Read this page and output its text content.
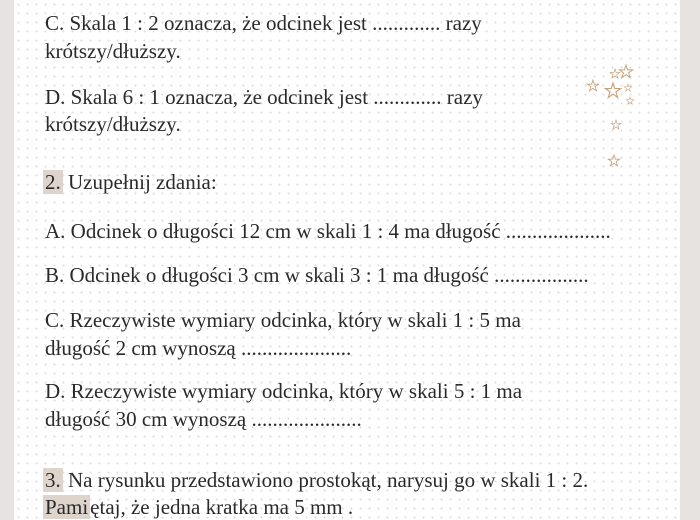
C. Skala 1 : 2 oznacza, że odcinek jest ............. razy
krótszy/dłuższy.
D. Skala 6 : 1 oznacza, że odcinek jest ............. razy
krótszy/dłuższy.
2. Uzupełnij zdania:
A. Odcinek o długości 12 cm w skali 1 : 4 ma długość ....................
B. Odcinek o długości 3 cm w skali 3 : 1 ma długość ..................
C. Rzeczywiste wymiary odcinka, który w skali 1 : 5 ma
długość 2 cm wynoszą .....................
D. Rzeczywiste wymiary odcinka, który w skali 5 : 1 ma
długość 30 cm wynoszą .....................
3. Na rysunku przedstawiono prostokąt, narysuj go w skali 1 : 2.
Pamiętaj, że jedna kratka ma 5 mm .
